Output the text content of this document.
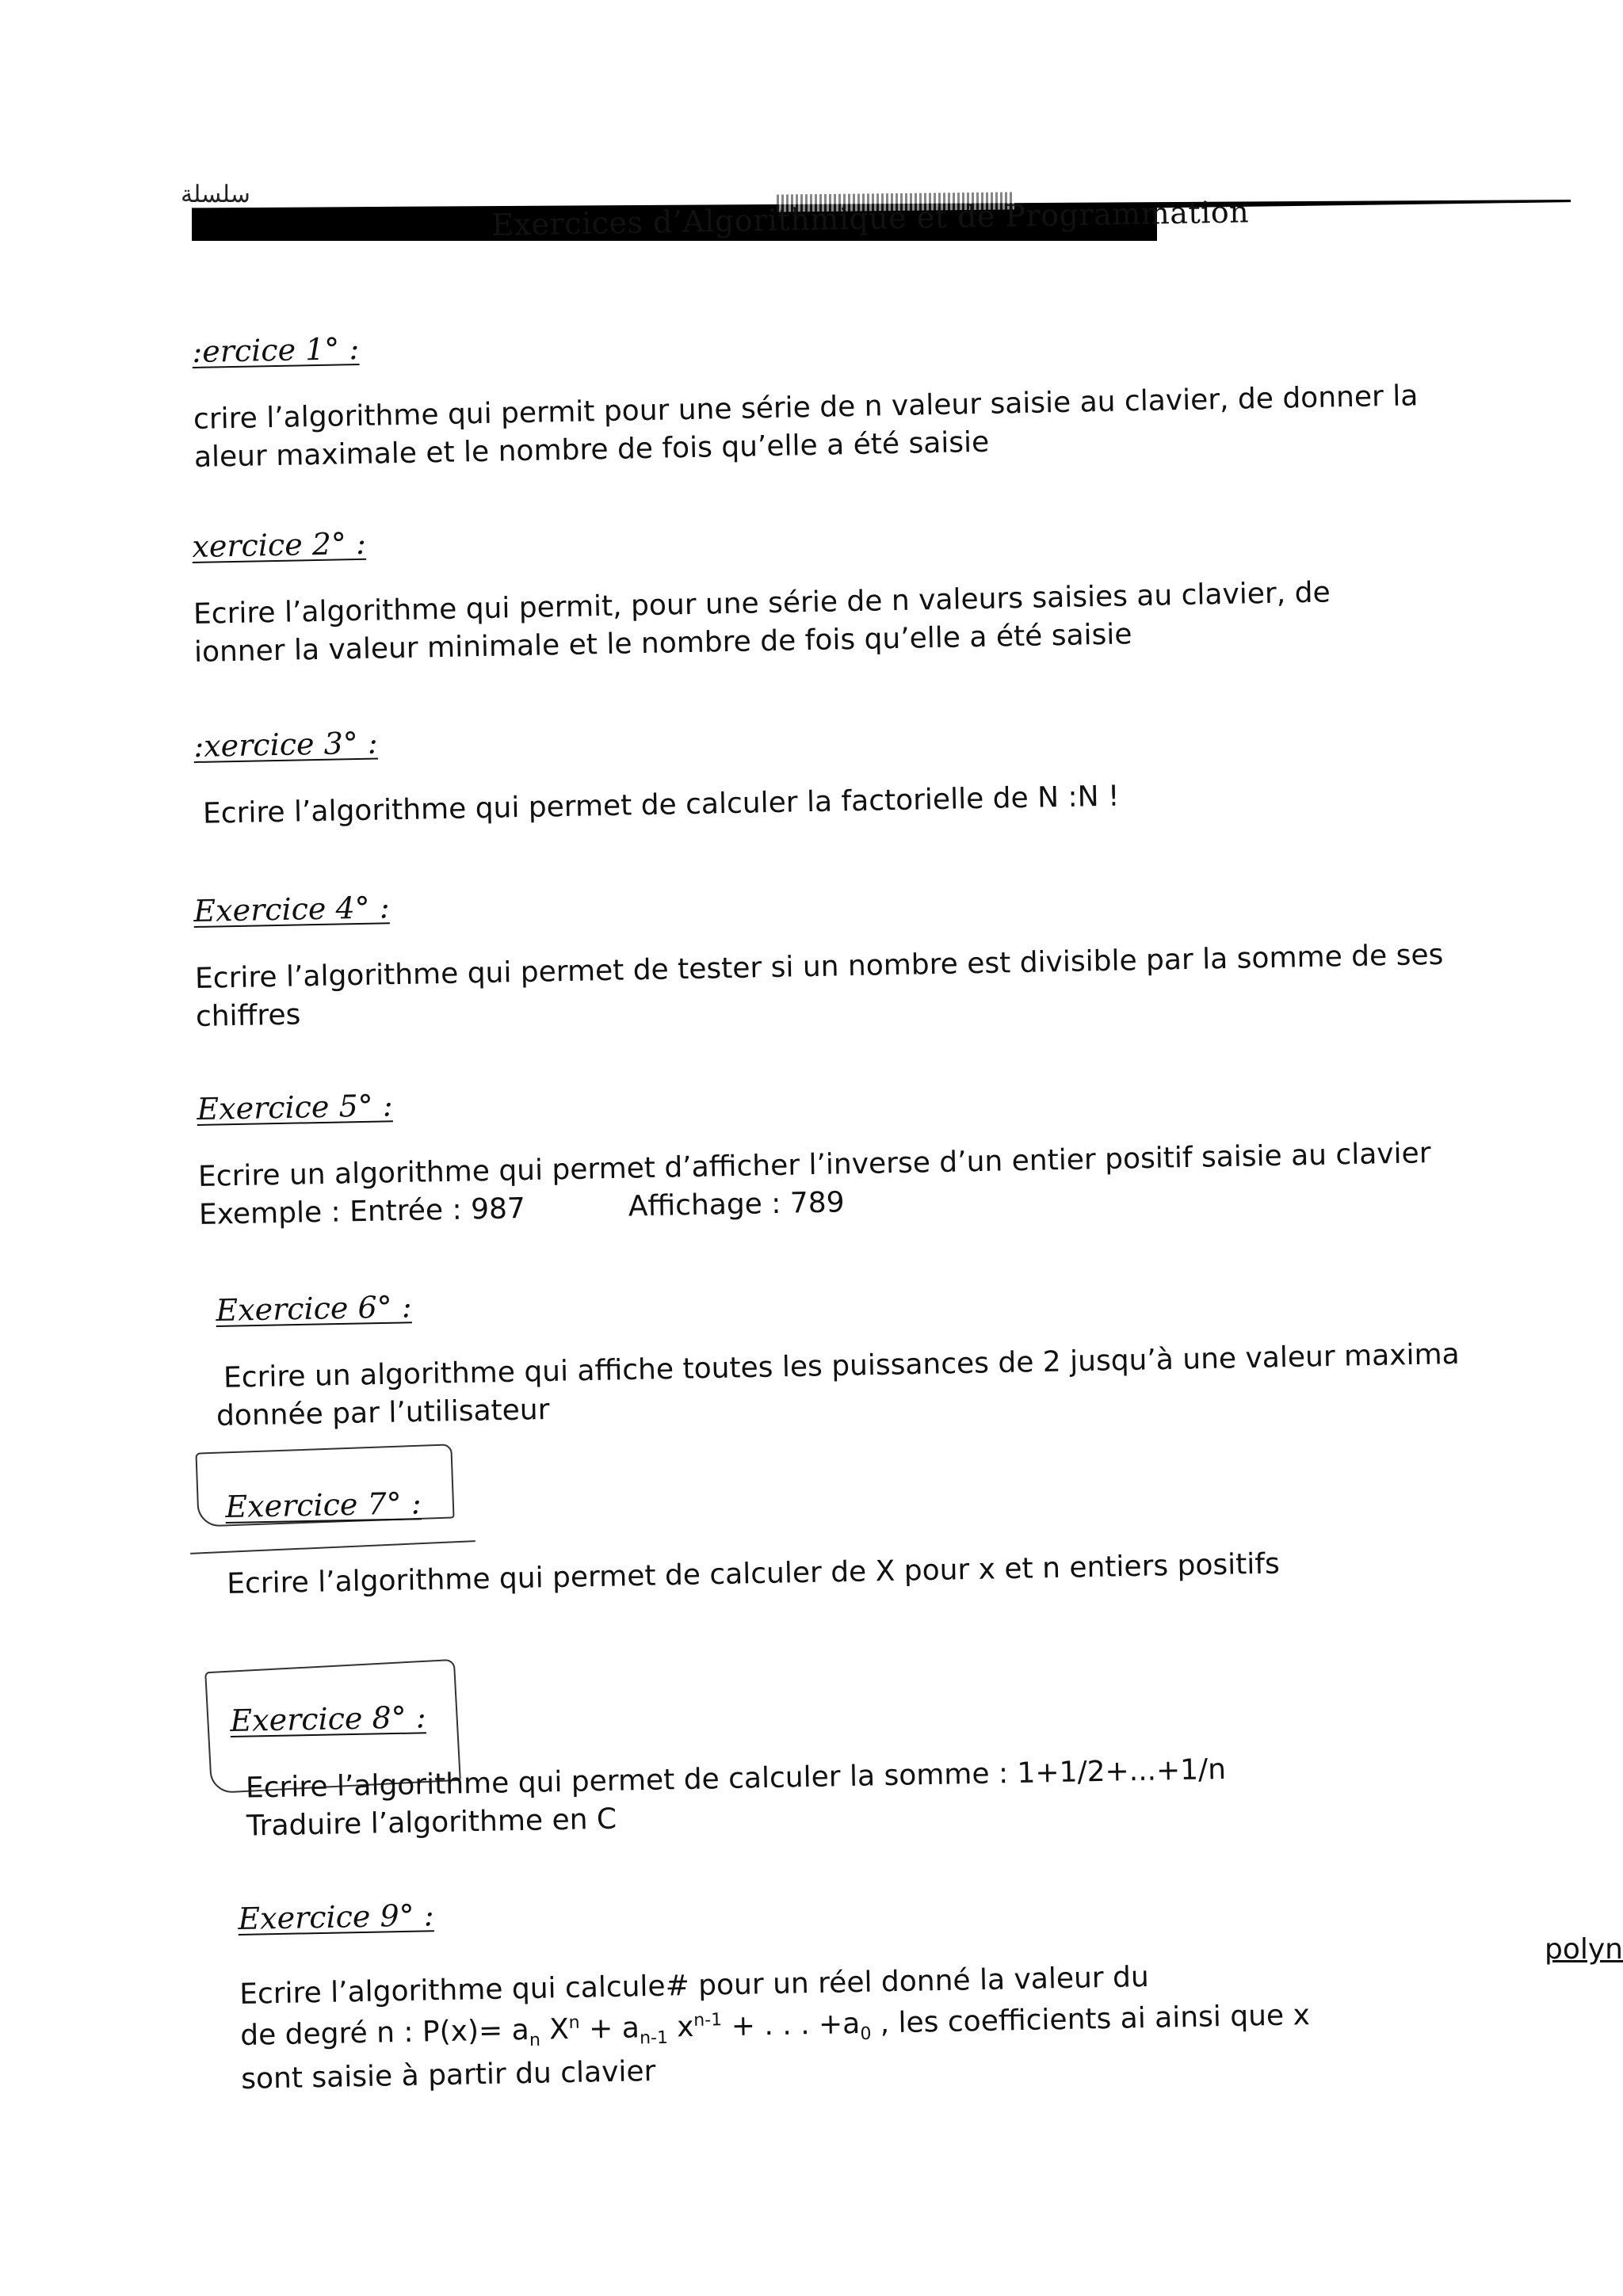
سلسلة	Exercices d’Algorithmique et de Programmation
:ercice 1° :
crire l’algorithme qui permit pour une série de n valeur saisie au clavier, de donner la
aleur maximale et le nombre de fois qu’elle a été saisie
xercice 2° :
Ecrire l’algorithme qui permit, pour une série de n valeurs saisies au clavier, de
ionner la valeur minimale et le nombre de fois qu’elle a été saisie
:xercice 3° :
Ecrire l’algorithme qui permet de calculer la factorielle de N :N !
Exercice 4° :
Ecrire l’algorithme qui permet de tester si un nombre est divisible par la somme de ses
chiffres
Exercice 5° :
Ecrire un algorithme qui permet d’afficher l’inverse d’un entier positif saisie au clavier
Exemple : Entrée : 987	Affichage : 789
Exercice 6° :
Ecrire un algorithme qui affiche toutes les puissances de 2 jusqu’à une valeur maxima
donnée par l’utilisateur
Exercice 7° :
Ecrire l’algorithme qui permet de calculer de X pour x et n entiers positifs
Exercice 8° :
Ecrire l’algorithme qui permet de calculer la somme : 1+1/2+...+1/n
Traduire l’algorithme en C
Exercice 9° :
Ecrire l’algorithme qui calcule# pour un réel donné la valeur du
de degré n : $P(x)= a_n$ $X^n + a_{n-1}$ $x^{n-1}$ + . . . $+a_0$ , les coefficients ai ainsi que x
sont saisie à partir du clavier
polyn
